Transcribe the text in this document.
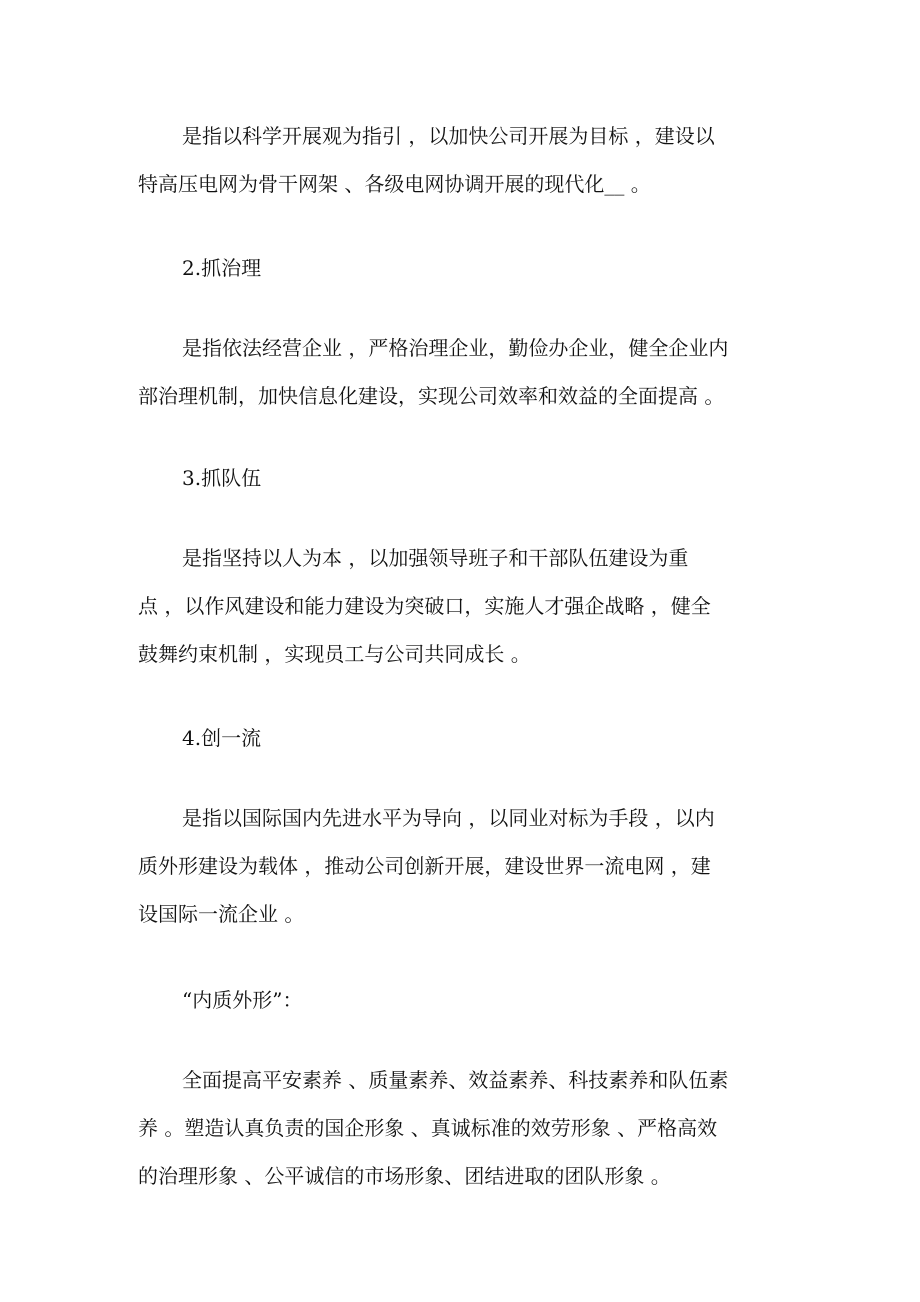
是指以科学开展观为指引 ，以加快公司开展为目标 ，建设以
特高压电网为骨干网架 、各级电网协调开展的现代化__ 。
2.抓治理
是指依法经营企业 ，严格治理企业，勤俭办企业，健全企业内
部治理机制，加快信息化建设，实现公司效率和效益的全面提高 。
3.抓队伍
是指坚持以人为本 ，以加强领导班子和干部队伍建设为重
点 ，以作风建设和能力建设为突破口，实施人才强企战略 ，健全
鼓舞约束机制 ，实现员工与公司共同成长 。
4.创一流
是指以国际国内先进水平为导向 ，以同业对标为手段 ，以内
质外形建设为载体 ，推动公司创新开展，建设世界一流电网 ，建
设国际一流企业 。
“内质外形”：
全面提高平安素养 、质量素养、效益素养、科技素养和队伍素
养 。塑造认真负责的国企形象 、真诚标准的效劳形象 、严格高效
的治理形象 、公平诚信的市场形象、团结进取的团队形象 。
